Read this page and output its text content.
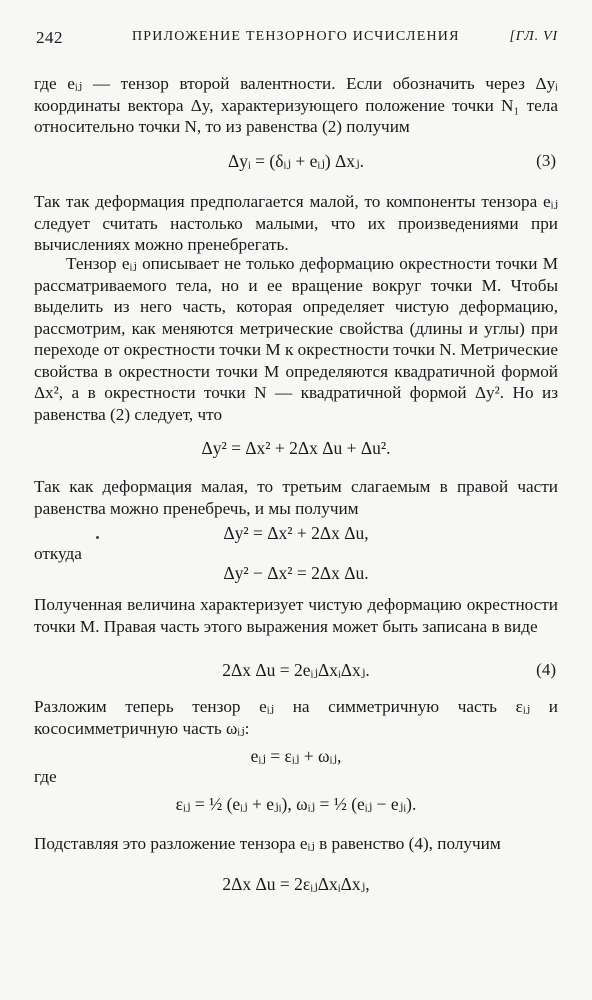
242	ПРИЛОЖЕНИЕ ТЕНЗОРНОГО ИСЧИСЛЕНИЯ	[ГЛ. VI

где eᵢⱼ — тензор второй валентности. Если обозначить через Δyᵢ координаты вектора Δy, характеризующего положение точки N₁ тела относительно точки N, то из равенства (2) получим

Δyᵢ = (δᵢⱼ + eᵢⱼ) Δxⱼ.	(3)

Так так деформация предполагается малой, то компоненты тензора eᵢⱼ следует считать настолько малыми, что их произведениями при вычислениях можно пренебрегать.

Тензор eᵢⱼ описывает не только деформацию окрестности точки M рассматриваемого тела, но и ее вращение вокруг точки M. Чтобы выделить из него часть, которая определяет чистую деформацию, рассмотрим, как меняются метрические свойства (длины и углы) при переходе от окрестности точки M к окрестности точки N. Метрические свойства в окрестности точки M определяются квадратичной формой Δx², а в окрестности точки N — квадратичной формой Δy². Но из равенства (2) следует, что

Δy² = Δx² + 2Δx Δu + Δu².

Так как деформация малая, то третьим слагаемым в правой части равенства можно пренебречь, и мы получим

Δy² = Δx² + 2Δx Δu,
откуда
Δy² − Δx² = 2Δx Δu.

Полученная величина характеризует чистую деформацию окрестности точки M. Правая часть этого выражения может быть записана в виде

2Δx Δu = 2eᵢⱼΔxᵢΔxⱼ.	(4)

Разложим теперь тензор eᵢⱼ на симметричную часть εᵢⱼ и кососимметричную часть ωᵢⱼ:

eᵢⱼ = εᵢⱼ + ωᵢⱼ,
где
εᵢⱼ = ½ (eᵢⱼ + eⱼᵢ), ωᵢⱼ = ½ (eᵢⱼ − eⱼᵢ).

Подставляя это разложение тензора eᵢⱼ в равенство (4), получим

2Δx Δu = 2εᵢⱼΔxᵢΔxⱼ,
